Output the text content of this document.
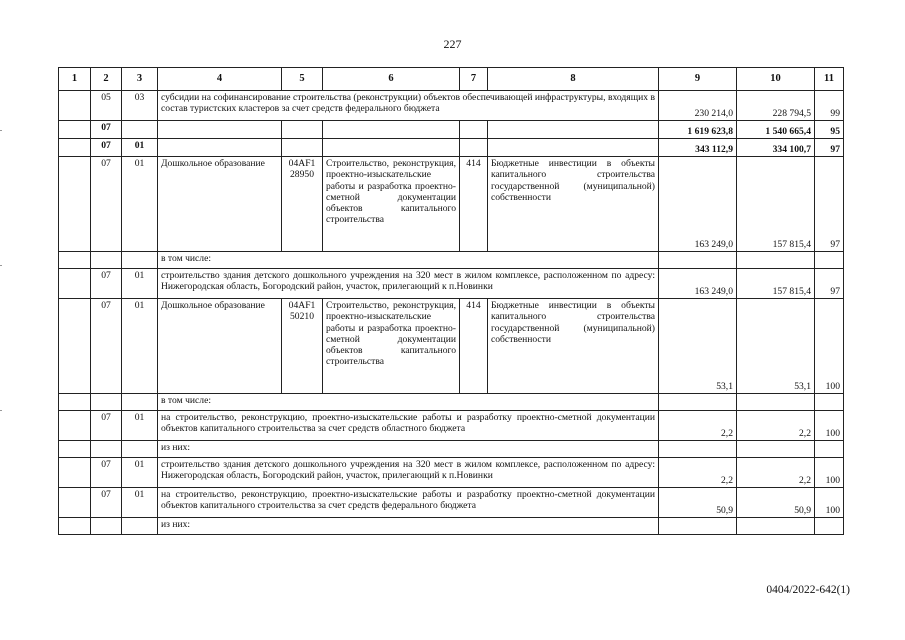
227
1	2	3	4	5	6	7	8	9	10	11
	05	03	субсидии на софинансирование строительства (реконструкции) объектов обеспечивающей инфраструктуры, входящих в состав туристских кластеров за счет средств федерального бюджета					230 214,0	228 794,5	99
	07							1 619 623,8	1 540 665,4	95
	07	01						343 112,9	334 100,7	97
	07	01	Дошкольное образование	04AF1 28950	Строительство, реконструкция, проектно-изыскательские работы и разработка проектно-сметной документации объектов капитального строительства	414	Бюджетные инвестиции в объекты капитального строительства государственной (муниципальной) собственности	163 249,0	157 815,4	97
			в том числе:							
	07	01	строительство здания детского дошкольного учреждения на 320 мест в жилом комплексе, расположенном по адресу: Нижегородская область, Богородский район, участок, прилегающий к п.Новинки					163 249,0	157 815,4	97
	07	01	Дошкольное образование	04AF1 50210	Строительство, реконструкция, проектно-изыскательские работы и разработка проектно-сметной документации объектов капитального строительства	414	Бюджетные инвестиции в объекты капитального строительства государственной (муниципальной) собственности	53,1	53,1	100
			в том числе:							
	07	01	на строительство, реконструкцию, проектно-изыскательские работы и разработку проектно-сметной документации объектов капитального строительства за счет средств областного бюджета					2,2	2,2	100
			из них:							
	07	01	строительство здания детского дошкольного учреждения на 320 мест в жилом комплексе, расположенном по адресу: Нижегородская область, Богородский район, участок, прилегающий к п.Новинки					2,2	2,2	100
	07	01	на строительство, реконструкцию, проектно-изыскательские работы и разработку проектно-сметной документации объектов капитального строительства за счет средств федерального бюджета					50,9	50,9	100
			из них:							
0404/2022-642(1)
